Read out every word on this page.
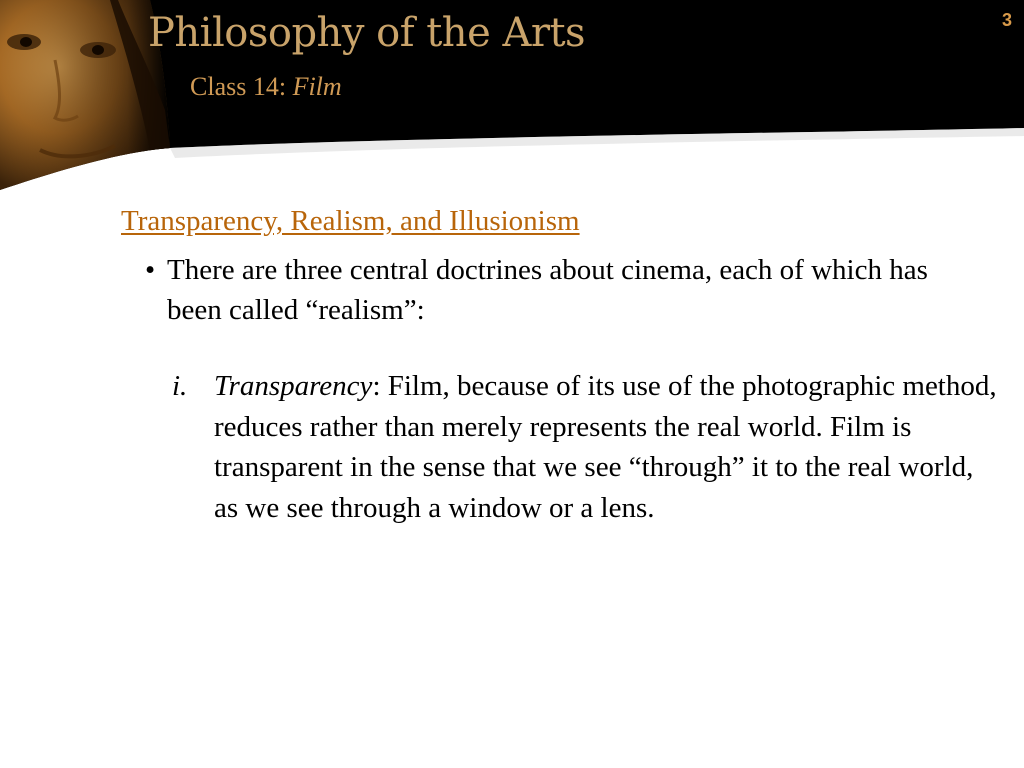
Philosophy of the Arts
Class 14: Film
3
Transparency, Realism, and Illusionism
• There are three central doctrines about cinema, each of which has been called “realism”:
i. Transparency: Film, because of its use of the photographic method, reduces rather than merely represents the real world. Film is transparent in the sense that we see “through” it to the real world, as we see through a window or a lens.
